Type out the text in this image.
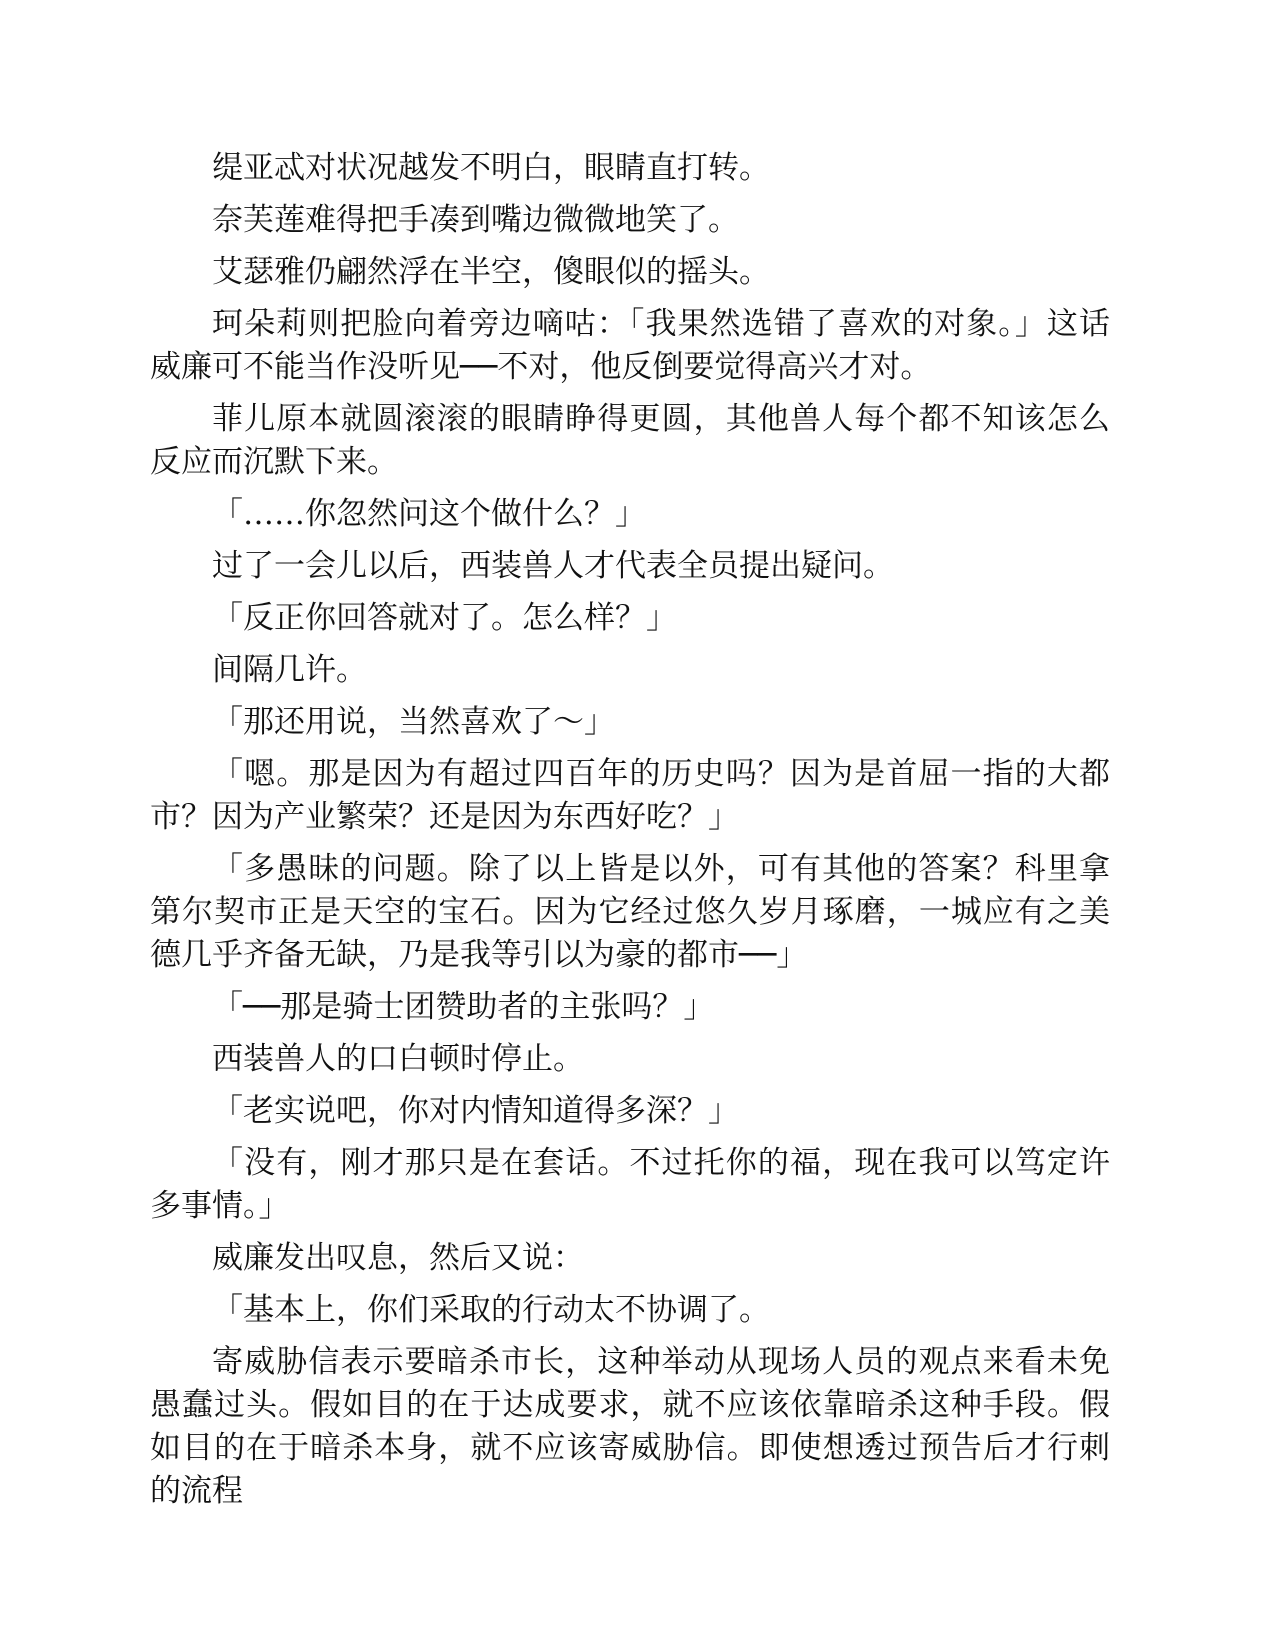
缇亚忒对状况越发不明白，眼睛直打转。

奈芙莲难得把手凑到嘴边微微地笑了。

艾瑟雅仍翩然浮在半空，傻眼似的摇头。

珂朵莉则把脸向着旁边嘀咕：「我果然选错了喜欢的对象。」这话威廉可不能当作没听见──不对，他反倒要觉得高兴才对。

菲儿原本就圆滚滚的眼睛睁得更圆，其他兽人每个都不知该怎么反应而沉默下来。

「……你忽然问这个做什么？」

过了一会儿以后，西装兽人才代表全员提出疑问。

「反正你回答就对了。怎么样？」

间隔几许。

「那还用说，当然喜欢了～」

「嗯。那是因为有超过四百年的历史吗？因为是首屈一指的大都市？因为产业繁荣？还是因为东西好吃？」

「多愚昧的问题。除了以上皆是以外，可有其他的答案？科里拿第尔契市正是天空的宝石。因为它经过悠久岁月琢磨，一城应有之美德几乎齐备无缺，乃是我等引以为豪的都市──」

「──那是骑士团赞助者的主张吗？」

西装兽人的口白顿时停止。

「老实说吧，你对内情知道得多深？」

「没有，刚才那只是在套话。不过托你的福，现在我可以笃定许多事情。」

威廉发出叹息，然后又说：

「基本上，你们采取的行动太不协调了。

寄威胁信表示要暗杀市长，这种举动从现场人员的观点来看未免愚蠢过头。假如目的在于达成要求，就不应该依靠暗杀这种手段。假如目的在于暗杀本身，就不应该寄威胁信。即使想透过预告后才行刺的流程
